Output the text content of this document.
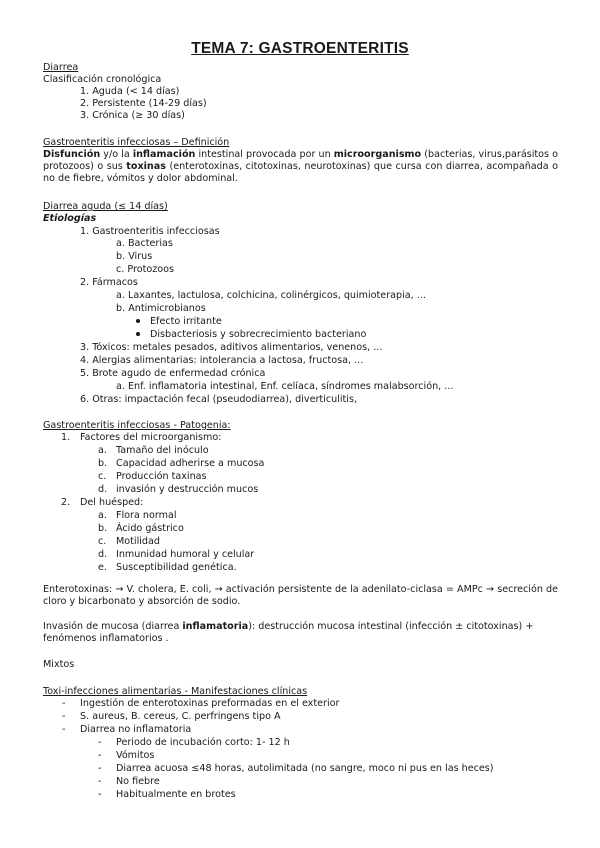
TEMA 7: GASTROENTERITIS
Diarrea
Clasificación cronológica
1. Aguda (< 14 días)
2. Persistente (14-29 días)
3. Crónica (≥ 30 días)
Gastroenteritis infecciosas – Definición
Disfunción y/o la inflamación intestinal provocada por un microorganismo (bacterias, virus,parásitos o protozoos) o sus toxinas (enterotoxinas, citotoxinas, neurotoxinas) que cursa con diarrea, acompañada o no de fiebre, vómitos y dolor abdominal.
Diarrea aguda (≤ 14 días)
Etiologías
1. Gastroenteritis infecciosas
a. Bacterias
b. Virus
c. Protozoos
2. Fármacos
a. Laxantes, lactulosa, colchicina, colinérgicos, quimioterapia, ...
b. Antimicrobianos
Efecto irritante
Disbacteriosis y sobrecrecimiento bacteriano
3. Tóxicos: metales pesados, aditivos alimentarios, venenos, ...
4. Alergias alimentarias: intolerancia a lactosa, fructosa, ...
5. Brote agudo de enfermedad crónica
a. Enf. inflamatoria intestinal, Enf. celíaca, síndromes malabsorción, ...
6. Otras: impactación fecal (pseudodiarrea), diverticulitis,
Gastroenteritis infecciosas - Patogenia:
1. Factores del microorganismo:
a. Tamaño del inóculo
b. Capacidad adherirse a mucosa
c. Producción taxinas
d. invasión y destrucción mucos
2. Del huésped:
a. Flora normal
b. Ácido gástrico
c. Motilidad
d. Inmunidad humoral y celular
e. Susceptibilidad genética.
Enterotoxinas: → V. cholera, E. coli, → activación persistente de la adenilato-ciclasa = AMPc → secreción de cloro y bicarbonato y absorción de sodio.
Invasión de mucosa (diarrea inflamatoria): destrucción mucosa intestinal (infección ± citotoxinas) + fenómenos inflamatorios .
Mixtos
Toxi-infecciones alimentarias - Manifestaciones clínicas
- Ingestión de enterotoxinas preformadas en el exterior
- S. aureus, B. cereus, C. perfringens tipo A
- Diarrea no inflamatoria
- Periodo de incubación corto: 1- 12 h
- Vómitos
- Diarrea acuosa ≤48 horas, autolimitada (no sangre, moco ni pus en las heces)
- No fiebre
- Habitualmente en brotes
